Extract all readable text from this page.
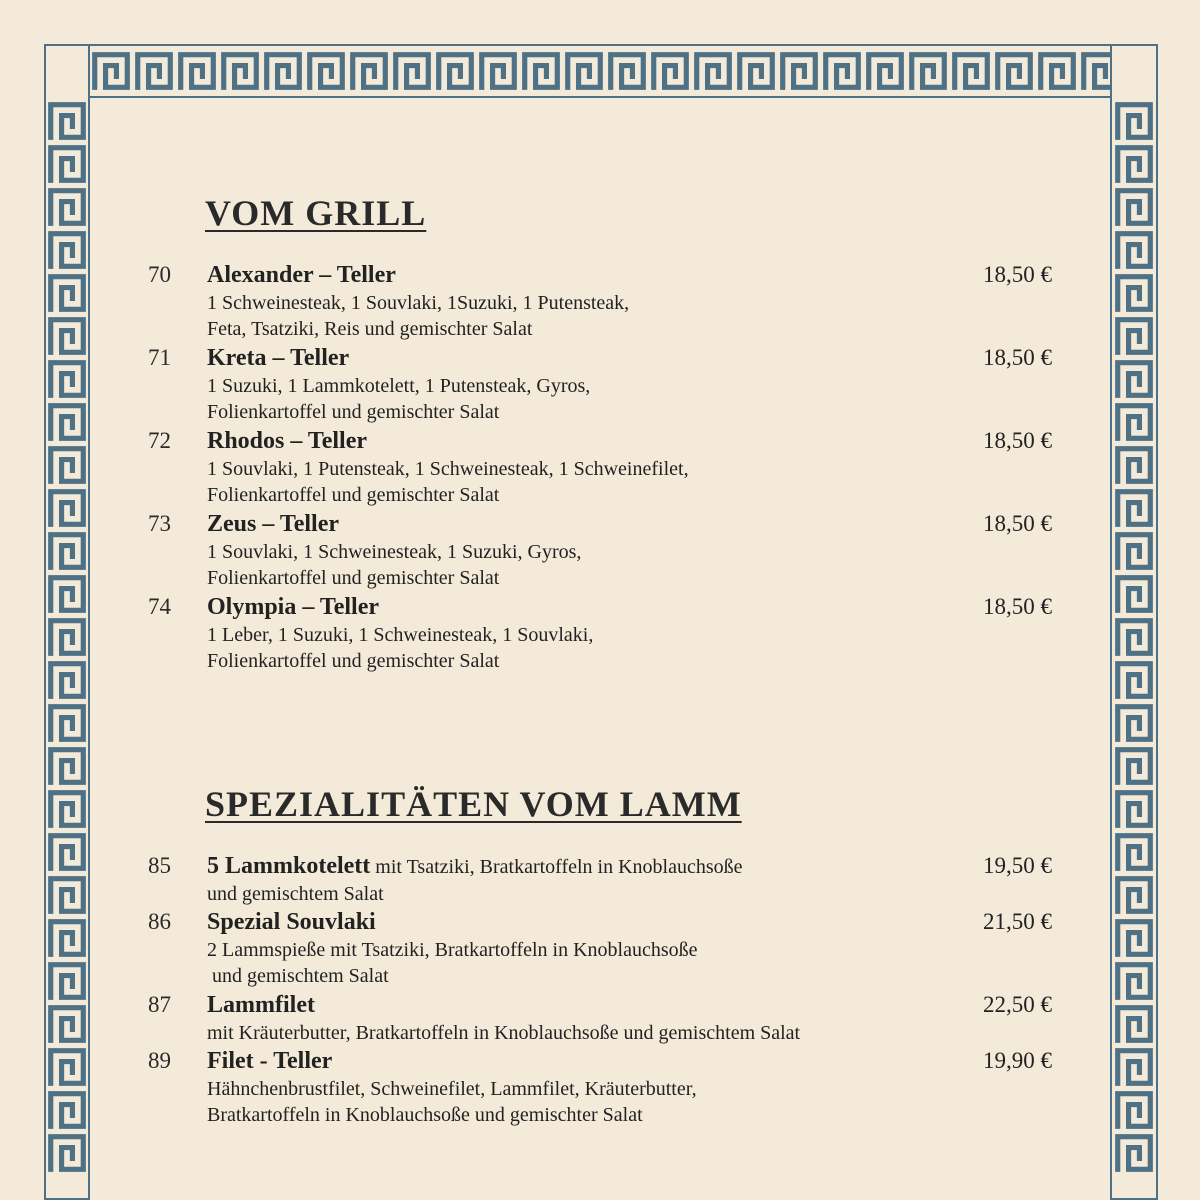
VOM GRILL
70 Alexander – Teller	18,50 €
1 Schweinesteak, 1 Souvlaki, 1Suzuki, 1 Putensteak,
Feta, Tsatziki, Reis und gemischter Salat
71 Kreta – Teller	18,50 €
1 Suzuki, 1 Lammkotelett, 1 Putensteak, Gyros,
Folienkartoffel und gemischter Salat
72 Rhodos – Teller	18,50 €
1 Souvlaki, 1 Putensteak, 1 Schweinesteak, 1 Schweinefilet,
Folienkartoffel und gemischter Salat
73 Zeus – Teller	18,50 €
1 Souvlaki, 1 Schweinesteak, 1 Suzuki, Gyros,
Folienkartoffel und gemischter Salat
74 Olympia – Teller	18,50 €
1 Leber, 1 Suzuki, 1 Schweinesteak, 1 Souvlaki,
Folienkartoffel und gemischter Salat
SPEZIALITÄTEN VOM LAMM
85 5 Lammkotelett mit Tsatziki, Bratkartoffeln in Knoblauchsoße	19,50 €
und gemischtem Salat
86 Spezial Souvlaki	21,50 €
2 Lammspieße mit Tsatziki, Bratkartoffeln in Knoblauchsoße
und gemischtem Salat
87 Lammfilet	22,50 €
mit Kräuterbutter, Bratkartoffeln in Knoblauchsoße und gemischtem Salat
89 Filet - Teller	19,90 €
Hähnchenbrustfilet, Schweinefilet, Lammfilet, Kräuterbutter,
Bratkartoffeln in Knoblauchsoße und gemischter Salat
